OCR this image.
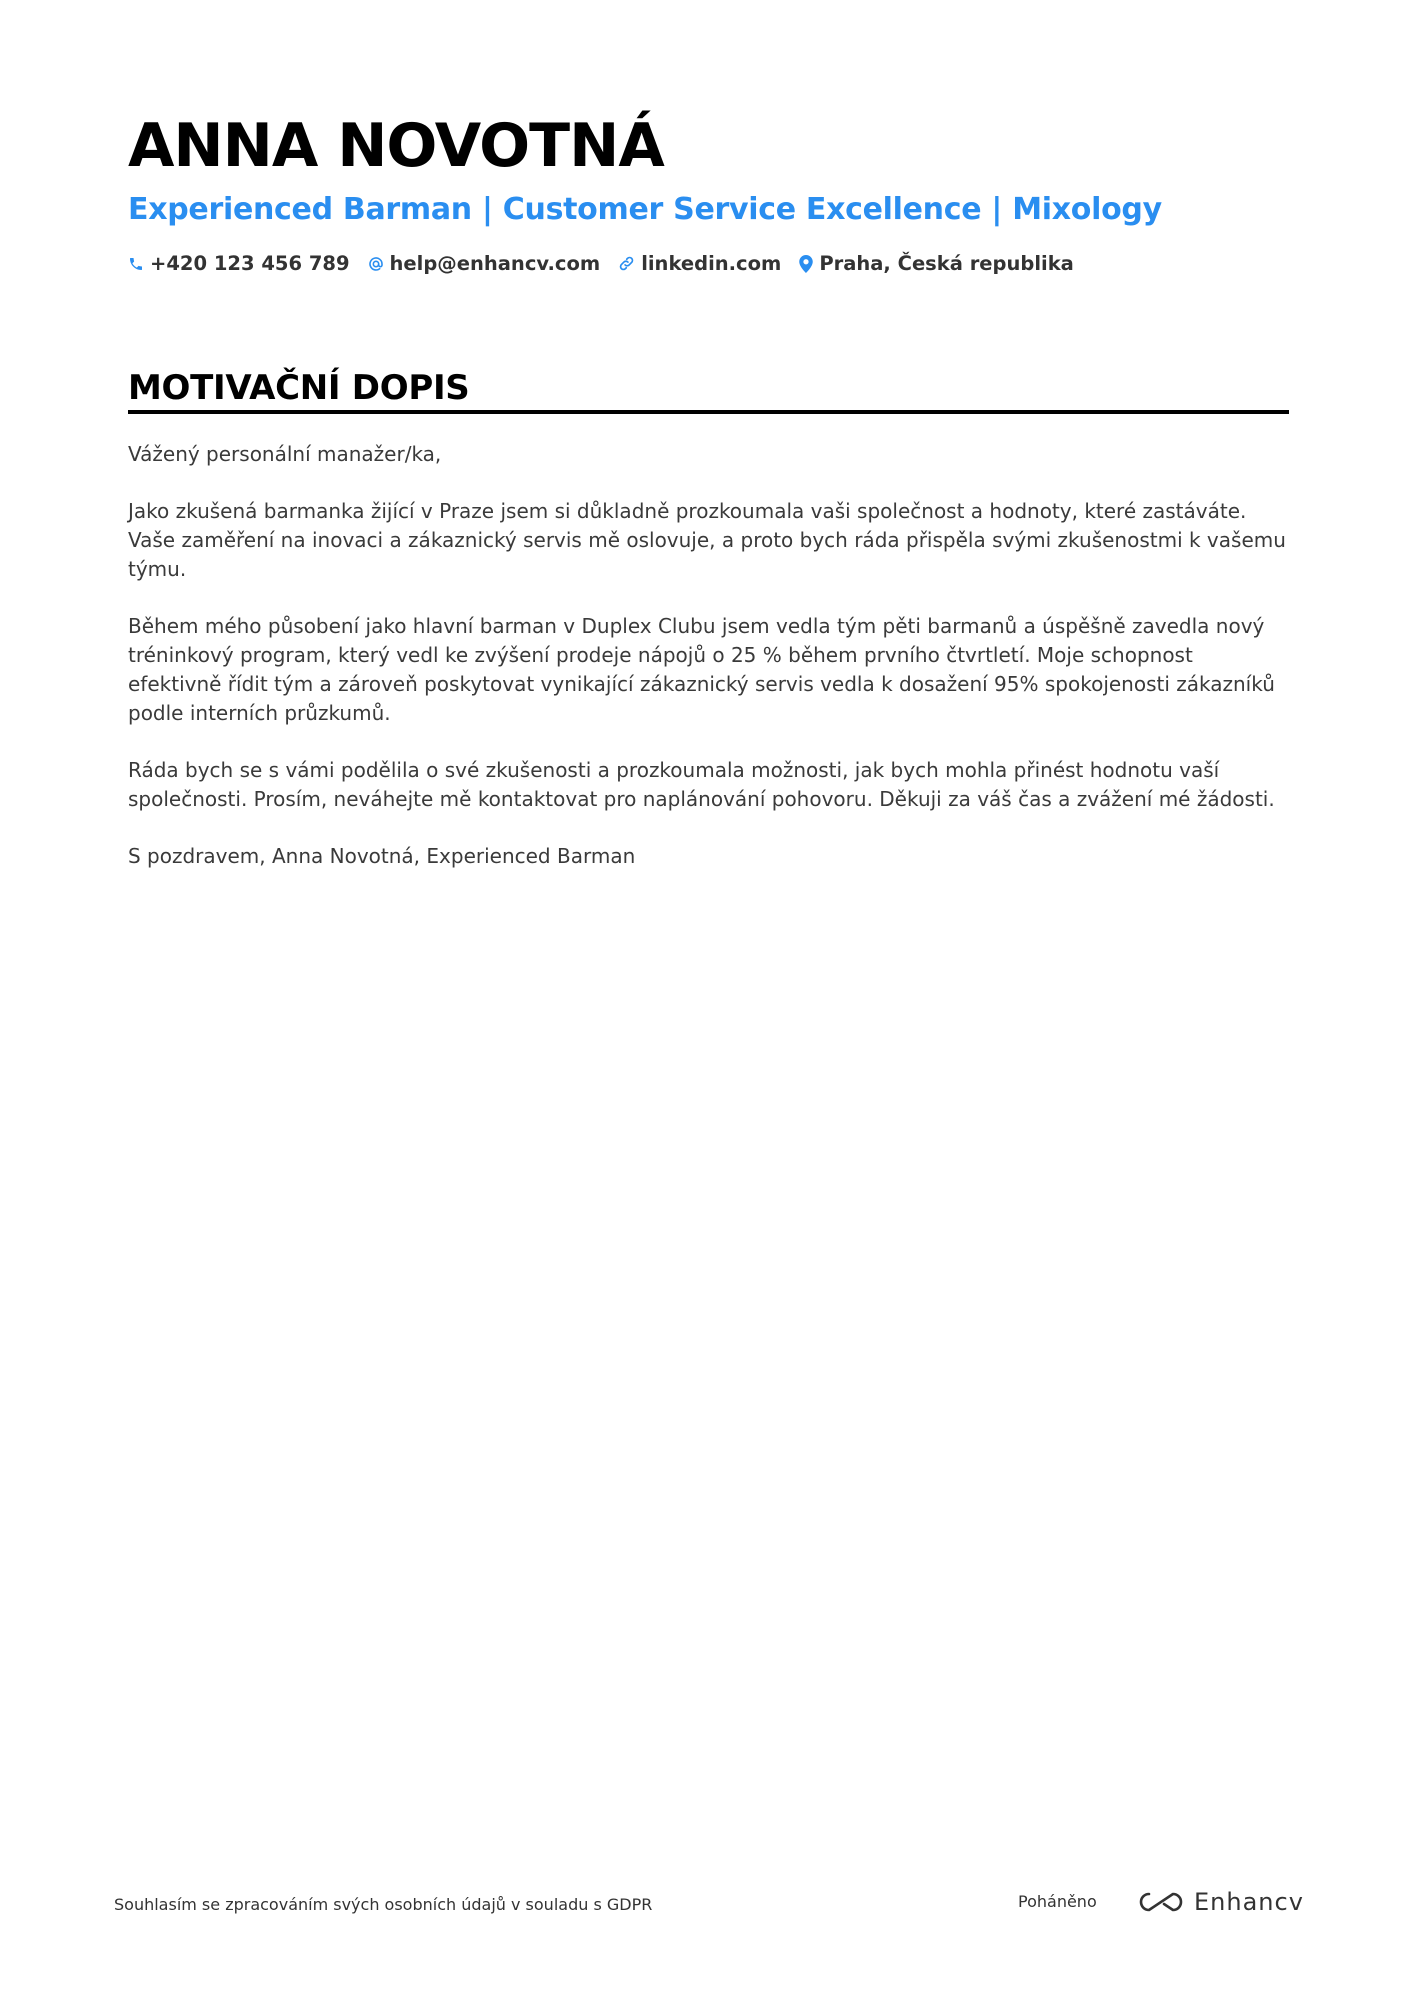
ANNA NOVOTNÁ
Experienced Barman | Customer Service Excellence | Mixology
+420 123 456 789 help@enhancv.com linkedin.com Praha, Česká republika
MOTIVAČNÍ DOPIS

Vážený personální manažer/ka,

Jako zkušená barmanka žijící v Praze jsem si důkladně prozkoumala vaši společnost a hodnoty, které zastáváte. Vaše zaměření na inovaci a zákaznický servis mě oslovuje, a proto bych ráda přispěla svými zkušenostmi k vašemu týmu.

Během mého působení jako hlavní barman v Duplex Clubu jsem vedla tým pěti barmanů a úspěšně zavedla nový tréninkový program, který vedl ke zvýšení prodeje nápojů o 25 % během prvního čtvrtletí. Moje schopnost efektivně řídit tým a zároveň poskytovat vynikající zákaznický servis vedla k dosažení 95% spokojenosti zákazníků podle interních průzkumů.

Ráda bych se s vámi podělila o své zkušenosti a prozkoumala možnosti, jak bych mohla přinést hodnotu vaší společnosti. Prosím, neváhejte mě kontaktovat pro naplánování pohovoru. Děkuji za váš čas a zvážení mé žádosti.

S pozdravem, Anna Novotná, Experienced Barman

Souhlasím se zpracováním svých osobních údajů v souladu s GDPR	Poháněno	Enhancv
